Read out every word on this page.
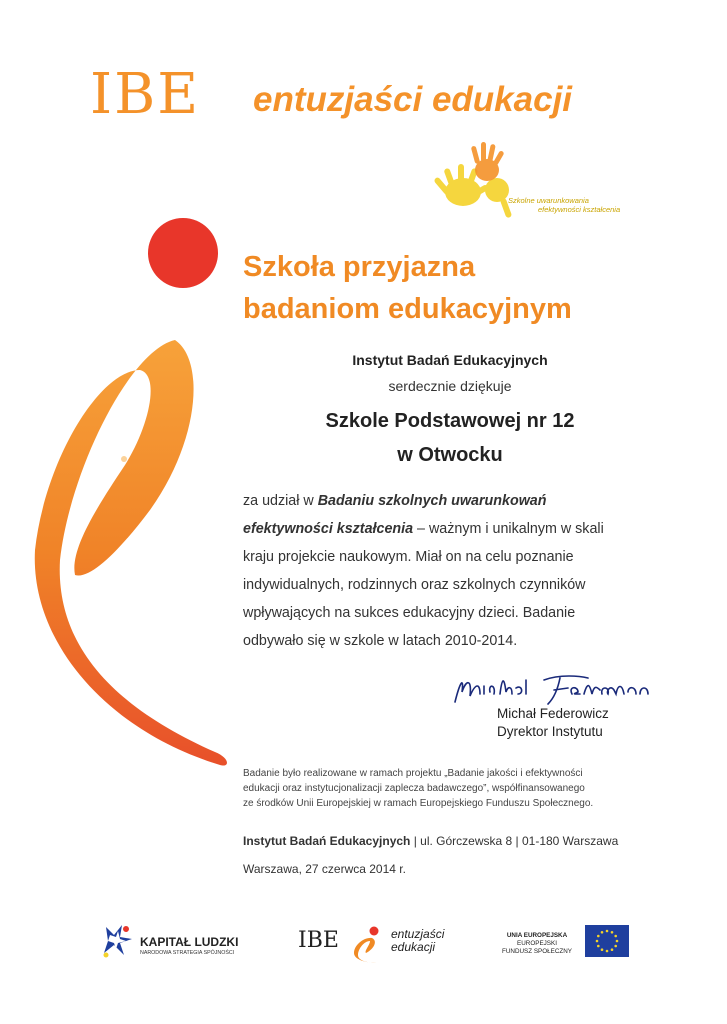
IBE entuzjaści edukacji
Szkolne uwarunkowania
efektywności kształcenia
Szkoła przyjazna
badaniom edukacyjnym
Instytut Badań Edukacyjnych
serdecznie dziękuje
Szkole Podstawowej nr 12
w Otwocku
za udział w Badaniu szkolnych uwarunkowań
efektywności kształcenia – ważnym i unikalnym w skali
kraju projekcie naukowym. Miał on na celu poznanie
indywidualnych, rodzinnych oraz szkolnych czynników
wpływających na sukces edukacyjny dzieci. Badanie
odbywało się w szkole w latach 2010-2014.
Michał Federowicz
Dyrektor Instytutu
Badanie było realizowane w ramach projektu „Badanie jakości i efektywności
edukacji oraz instytucjonalizacji zaplecza badawczego”, współfinansowanego
ze środków Unii Europejskiej w ramach Europejskiego Funduszu Społecznego.
Instytut Badań Edukacyjnych | ul. Górczewska 8 | 01-180 Warszawa
Warszawa, 27 czerwca 2014 r.
KAPITAŁ LUDZKI
NARODOWA STRATEGIA SPÓJNOŚCI	IBE	entuzjaści
edukacji
UNIA EUROPEJSKA
EUROPEJSKI
FUNDUSZ SPOŁECZNY
